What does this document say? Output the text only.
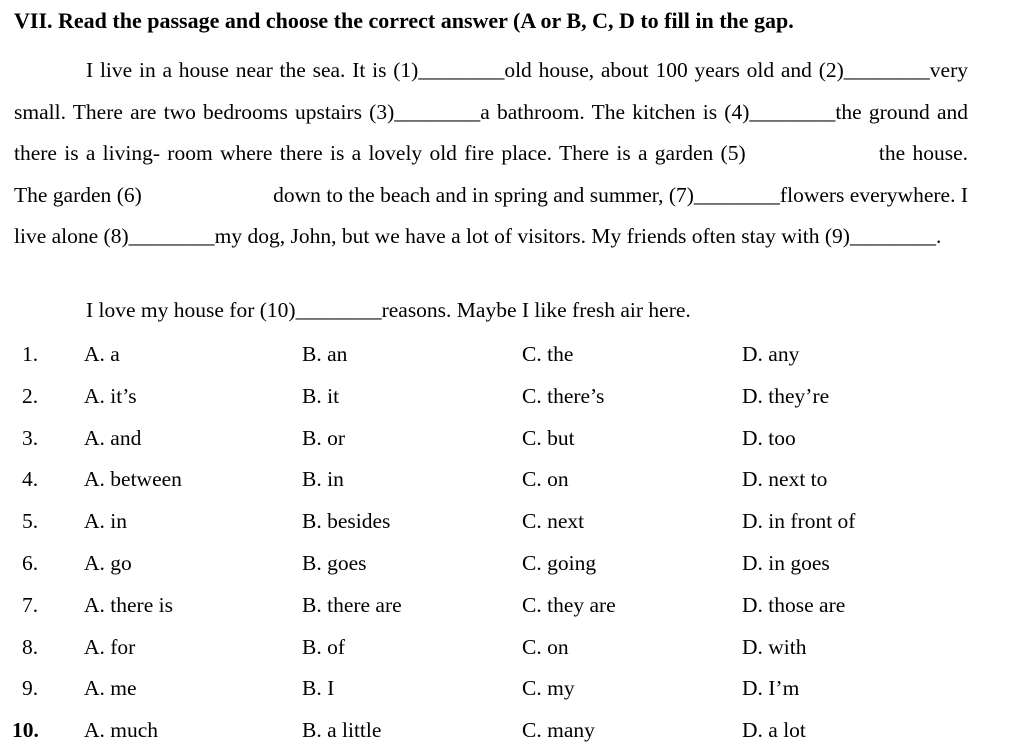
VII. Read the passage and choose the correct answer (A or B, C, D to fill in the gap.

I live in a house near the sea. It is (1)________old house, about 100 years old and (2)________very small. There are two bedrooms upstairs (3)________a bathroom. The kitchen is (4)________the ground and there is a living- room where there is a lovely old fire place. There is a garden (5)	the house. The garden (6)	down to the beach and in spring and summer, (7)________flowers everywhere. I live alone (8)________my dog, John, but we have a lot of visitors. My friends often stay with (9)________.

I love my house for (10)________reasons. Maybe I like fresh air here.

1. A. a	B. an	C. the	D. any
2. A. it’s	B. it	C. there’s	D. they’re
3. A. and	B. or	C. but	D. too
4. A. between	B. in	C. on	D. next to
5. A. in	B. besides	C. next	D. in front of
6. A. go	B. goes	C. going	D. in goes
7. A. there is	B. there are	C. they are	D. those are
8. A. for	B. of	C. on	D. with
9. A. me	B. I	C. my	D. I’m
10. A. much	B. a little	C. many	D. a lot
